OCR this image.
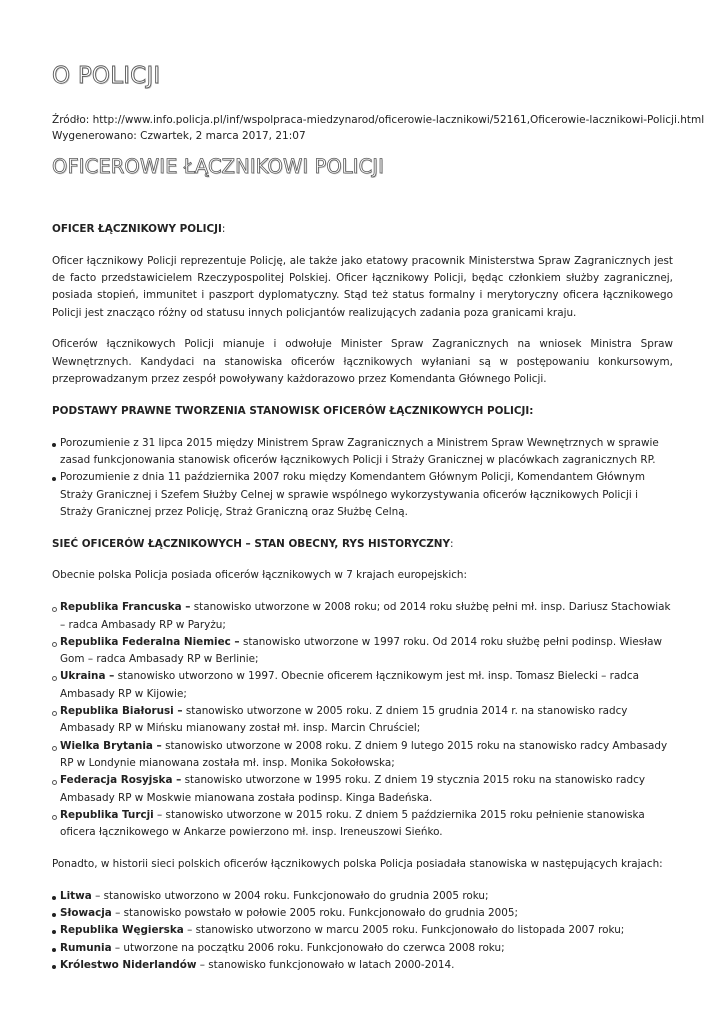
O POLICJI
Źródło: http://www.info.policja.pl/inf/wspolpraca-miedzynarod/oficerowie-lacznikowi/52161,Oficerowie-lacznikowi-Policji.html
Wygenerowano: Czwartek, 2 marca 2017, 21:07
OFICEROWIE ŁĄCZNIKOWI POLICJI

OFICER ŁĄCZNIKOWY POLICJI:

Oficer łącznikowy Policji reprezentuje Policję, ale także jako etatowy pracownik Ministerstwa Spraw Zagranicznych jest de facto przedstawicielem Rzeczypospolitej Polskiej. Oficer łącznikowy Policji, będąc członkiem służby zagranicznej, posiada stopień, immunitet i paszport dyplomatyczny. Stąd też status formalny i merytoryczny oficera łącznikowego Policji jest znacząco różny od statusu innych policjantów realizujących zadania poza granicami kraju.

Oficerów łącznikowych Policji mianuje i odwołuje Minister Spraw Zagranicznych na wniosek Ministra Spraw Wewnętrznych. Kandydaci na stanowiska oficerów łącznikowych wyłaniani są w postępowaniu konkursowym, przeprowadzanym przez zespół powoływany każdorazowo przez Komendanta Głównego Policji.

PODSTAWY PRAWNE TWORZENIA STANOWISK OFICERÓW ŁĄCZNIKOWYCH POLICJI:

Porozumienie z 31 lipca 2015 między Ministrem Spraw Zagranicznych a Ministrem Spraw Wewnętrznych w sprawie zasad funkcjonowania stanowisk oficerów łącznikowych Policji i Straży Granicznej w placówkach zagranicznych RP.
Porozumienie z dnia 11 października 2007 roku między Komendantem Głównym Policji, Komendantem Głównym Straży Granicznej i Szefem Służby Celnej w sprawie wspólnego wykorzystywania oficerów łącznikowych Policji i Straży Granicznej przez Policję, Straż Graniczną oraz Służbę Celną.

SIEĆ OFICERÓW ŁĄCZNIKOWYCH – STAN OBECNY, RYS HISTORYCZNY:

Obecnie polska Policja posiada oficerów łącznikowych w 7 krajach europejskich:

Republika Francuska – stanowisko utworzone w 2008 roku; od 2014 roku służbę pełni mł. insp. Dariusz Stachowiak – radca Ambasady RP w Paryżu;
Republika Federalna Niemiec – stanowisko utworzone w 1997 roku. Od 2014 roku służbę pełni podinsp. Wiesław Gom – radca Ambasady RP w Berlinie;
Ukraina – stanowisko utworzono w 1997. Obecnie oficerem łącznikowym jest mł. insp. Tomasz Bielecki – radca Ambasady RP w Kijowie;
Republika Białorusi – stanowisko utworzone w 2005 roku. Z dniem 15 grudnia 2014 r. na stanowisko radcy Ambasady RP w Mińsku mianowany został mł. insp. Marcin Chruściel;
Wielka Brytania – stanowisko utworzone w 2008 roku. Z dniem 9 lutego 2015 roku na stanowisko radcy Ambasady RP w Londynie mianowana została mł. insp. Monika Sokołowska;
Federacja Rosyjska – stanowisko utworzone w 1995 roku. Z dniem 19 stycznia 2015 roku na stanowisko radcy Ambasady RP w Moskwie mianowana została podinsp. Kinga Badeńska.
Republika Turcji – stanowisko utworzone w 2015 roku. Z dniem 5 października 2015 roku pełnienie stanowiska oficera łącznikowego w Ankarze powierzono mł. insp. Ireneuszowi Sieńko.

Ponadto, w historii sieci polskich oficerów łącznikowych polska Policja posiadała stanowiska w następujących krajach:

Litwa – stanowisko utworzono w 2004 roku. Funkcjonowało do grudnia 2005 roku;
Słowacja – stanowisko powstało w połowie 2005 roku. Funkcjonowało do grudnia 2005;
Republika Węgierska – stanowisko utworzono w marcu 2005 roku. Funkcjonowało do listopada 2007 roku;
Rumunia – utworzone na początku 2006 roku. Funkcjonowało do czerwca 2008 roku;
Królestwo Niderlandów – stanowisko funkcjonowało w latach 2000-2014.
